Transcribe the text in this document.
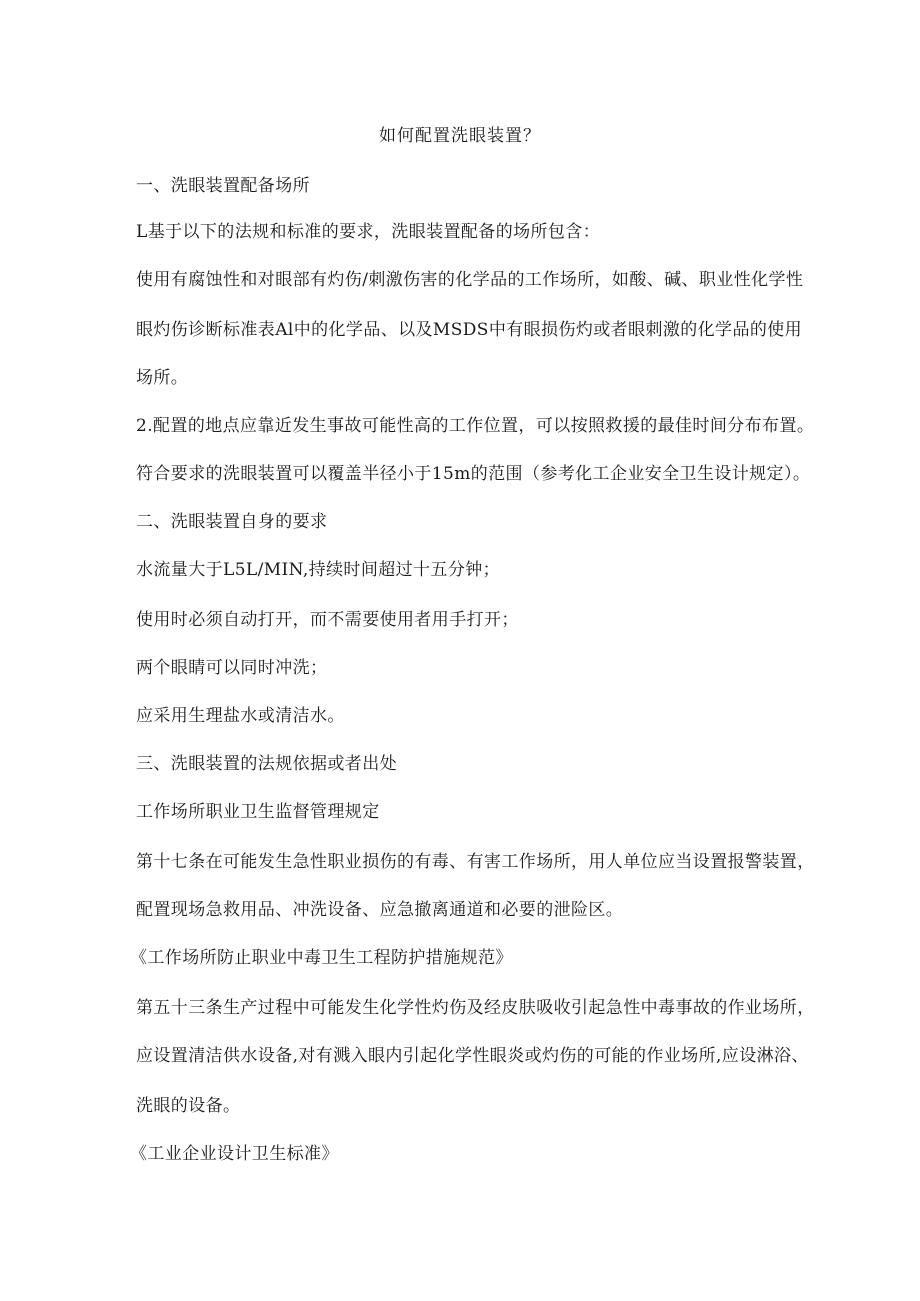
如何配置洗眼装置？
一、洗眼装置配备场所
L基于以下的法规和标准的要求，洗眼装置配备的场所包含：
使用有腐蚀性和对眼部有灼伤/刺激伤害的化学品的工作场所，如酸、碱、职业性化学性
眼灼伤诊断标准表Al中的化学品、以及MSDS中有眼损伤灼或者眼刺激的化学品的使用
场所。
2.配置的地点应靠近发生事故可能性高的工作位置，可以按照救援的最佳时间分布布置。
符合要求的洗眼装置可以覆盖半径小于15m的范围（参考化工企业安全卫生设计规定）。
二、洗眼装置自身的要求
水流量大于L5L/MIN,持续时间超过十五分钟；
使用时必须自动打开，而不需要使用者用手打开；
两个眼睛可以同时冲洗；
应采用生理盐水或清洁水。
三、洗眼装置的法规依据或者出处
工作场所职业卫生监督管理规定
第十七条在可能发生急性职业损伤的有毒、有害工作场所，用人单位应当设置报警装置，
配置现场急救用品、冲洗设备、应急撤离通道和必要的泄险区。
《工作场所防止职业中毒卫生工程防护措施规范》
第五十三条生产过程中可能发生化学性灼伤及经皮肤吸收引起急性中毒事故的作业场所，
应设置清洁供水设备,对有溅入眼内引起化学性眼炎或灼伤的可能的作业场所,应设淋浴、
洗眼的设备。
《工业企业设计卫生标准》
